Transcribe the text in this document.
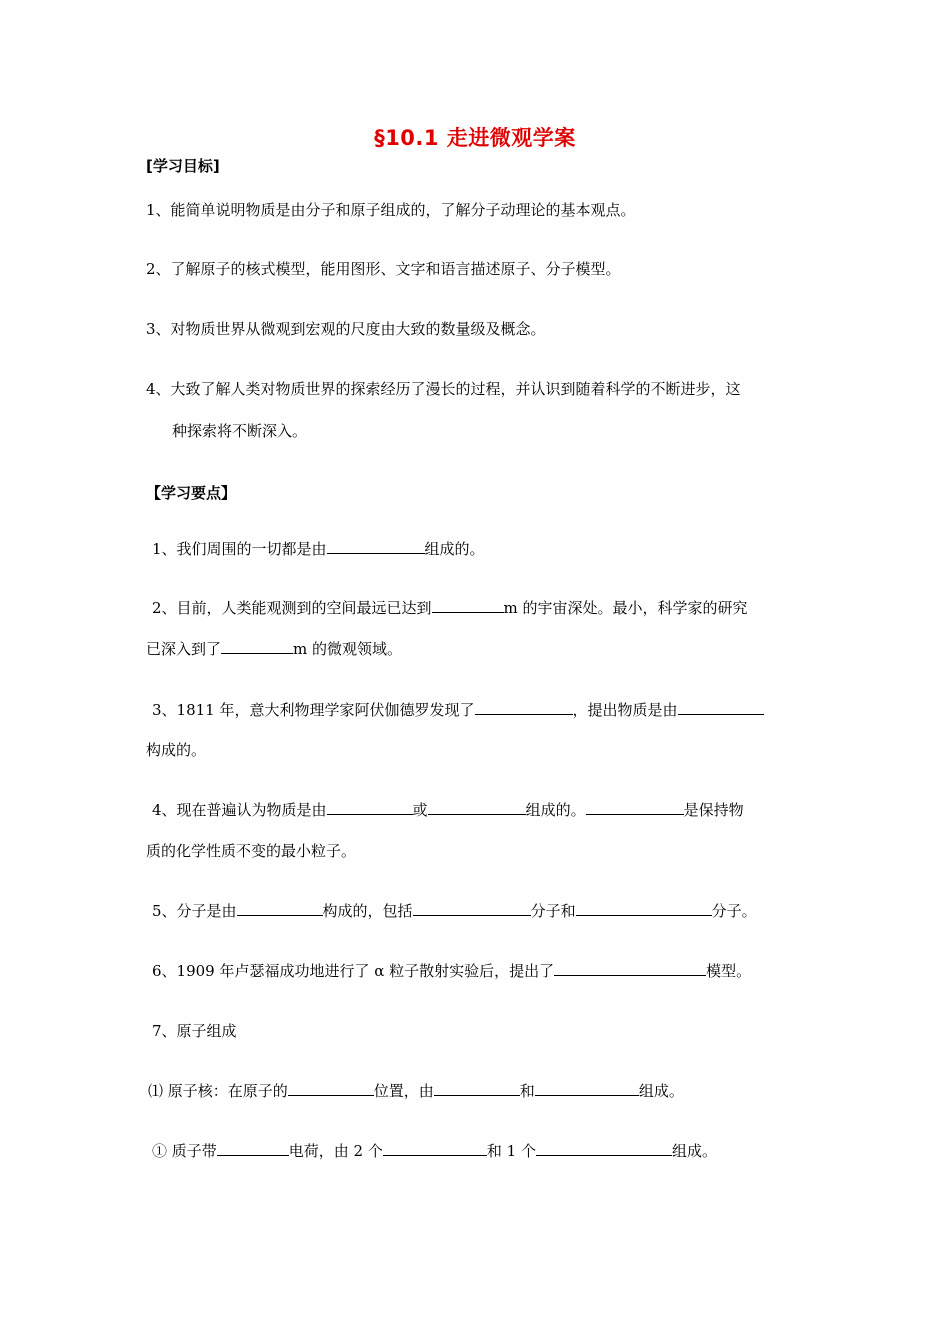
§10.1 走进微观学案
[学习目标]
1、能简单说明物质是由分子和原子组成的，了解分子动理论的基本观点。
2、了解原子的核式模型，能用图形、文字和语言描述原子、分子模型。
3、对物质世界从微观到宏观的尺度由大致的数量级及概念。
4、大致了解人类对物质世界的探索经历了漫长的过程，并认识到随着科学的不断进步，这
种探索将不断深入。
【学习要点】
1、我们周围的一切都是由	组成的。
2、目前，人类能观测到的空间最远已达到	m 的宇宙深处。最小，科学家的研究
已深入到了	m 的微观领域。
3、1811 年，意大利物理学家阿伏伽德罗发现了	，提出物质是由
构成的。
4、现在普遍认为物质是由	或	组成的。	是保持物
质的化学性质不变的最小粒子。
5、分子是由	构成的，包括	分子和	分子。
6、1909 年卢瑟福成功地进行了 α 粒子散射实验后，提出了	模型。
7、原子组成
⑴ 原子核：在原子的	位置，由	和	组成。
① 质子带	电荷，由 2 个	和 1 个	组成。
